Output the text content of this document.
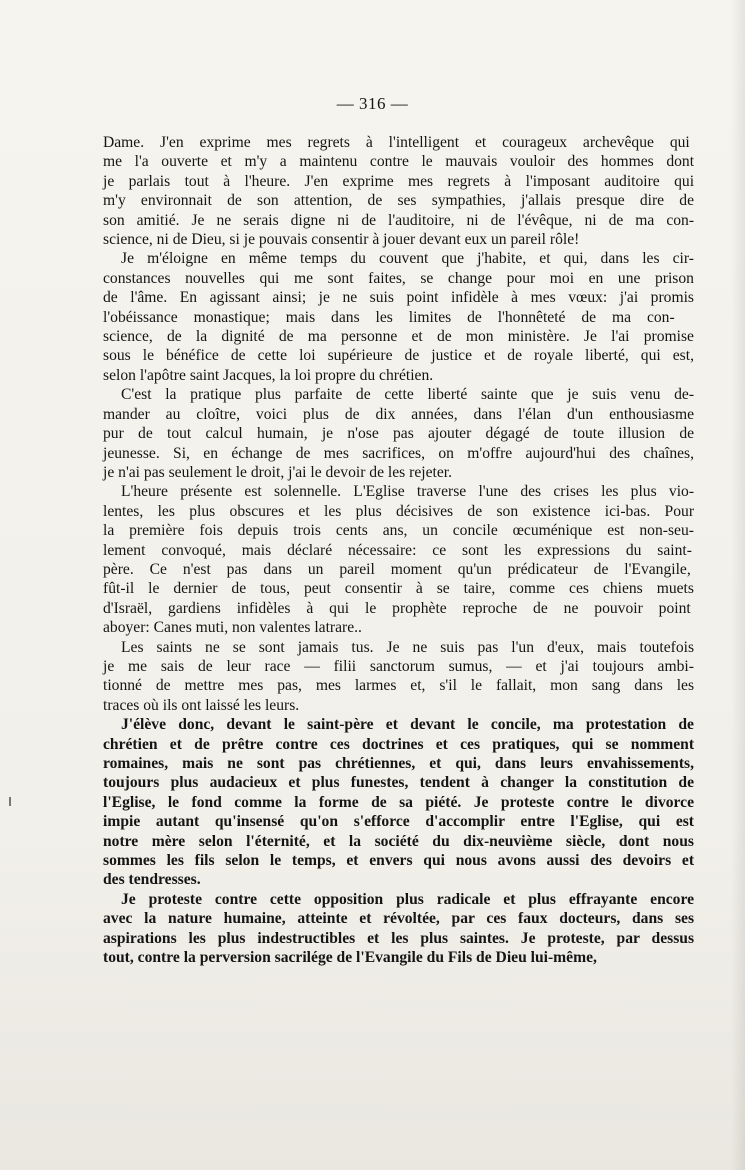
— 316 —
Dame. J'en exprime mes regrets à l'intelligent et courageux archevêque qui
me l'a ouverte et m'y a maintenu contre le mauvais vouloir des hommes dont
je parlais tout à l'heure. J'en exprime mes regrets à l'imposant auditoire qui
m'y environnait de son attention, de ses sympathies, j'allais presque dire de
son amitié. Je ne serais digne ni de l'auditoire, ni de l'évêque, ni de ma con-
science, ni de Dieu, si je pouvais consentir à jouer devant eux un pareil rôle!
Je m'éloigne en même temps du couvent que j'habite, et qui, dans les cir-
constances nouvelles qui me sont faites, se change pour moi en une prison
de l'âme. En agissant ainsi; je ne suis point infidèle à mes vœux: j'ai promis
l'obéissance monastique; mais dans les limites de l'honnêteté de ma con-
science, de la dignité de ma personne et de mon ministère. Je l'ai promise
sous le bénéfice de cette loi supérieure de justice et de royale liberté, qui est,
selon l'apôtre saint Jacques, la loi propre du chrétien.
C'est la pratique plus parfaite de cette liberté sainte que je suis venu de-
mander au cloître, voici plus de dix années, dans l'élan d'un enthousiasme
pur de tout calcul humain, je n'ose pas ajouter dégagé de toute illusion de
jeunesse. Si, en échange de mes sacrifices, on m'offre aujourd'hui des chaînes,
je n'ai pas seulement le droit, j'ai le devoir de les rejeter.
L'heure présente est solennelle. L'Eglise traverse l'une des crises les plus vio-
lentes, les plus obscures et les plus décisives de son existence ici-bas. Pour
la première fois depuis trois cents ans, un concile œcuménique est non-seu-
lement convoqué, mais déclaré nécessaire: ce sont les expressions du saint-
père. Ce n'est pas dans un pareil moment qu'un prédicateur de l'Evangile,
fût-il le dernier de tous, peut consentir à se taire, comme ces chiens muets
d'Israël, gardiens infidèles à qui le prophète reproche de ne pouvoir point
aboyer: Canes muti, non valentes latrare..
Les saints ne se sont jamais tus. Je ne suis pas l'un d'eux, mais toutefois
je me sais de leur race — filii sanctorum sumus, — et j'ai toujours ambi-
tionné de mettre mes pas, mes larmes et, s'il le fallait, mon sang dans les
traces où ils ont laissé les leurs.
J'élève donc, devant le saint-père et devant le concile, ma protestation de
chrétien et de prêtre contre ces doctrines et ces pratiques, qui se nomment
romaines, mais ne sont pas chrétiennes, et qui, dans leurs envahissements,
toujours plus audacieux et plus funestes, tendent à changer la constitution de
l'Eglise, le fond comme la forme de sa piété. Je proteste contre le divorce
impie autant qu'insensé qu'on s'efforce d'accomplir entre l'Eglise, qui est
notre mère selon l'éternité, et la société du dix-neuvième siècle, dont nous
sommes les fils selon le temps, et envers qui nous avons aussi des devoirs et
des tendresses.
Je proteste contre cette opposition plus radicale et plus effrayante encore
avec la nature humaine, atteinte et révoltée, par ces faux docteurs, dans ses
aspirations les plus indestructibles et les plus saintes. Je proteste, par dessus
tout, contre la perversion sacrilége de l'Evangile du Fils de Dieu lui-même,
